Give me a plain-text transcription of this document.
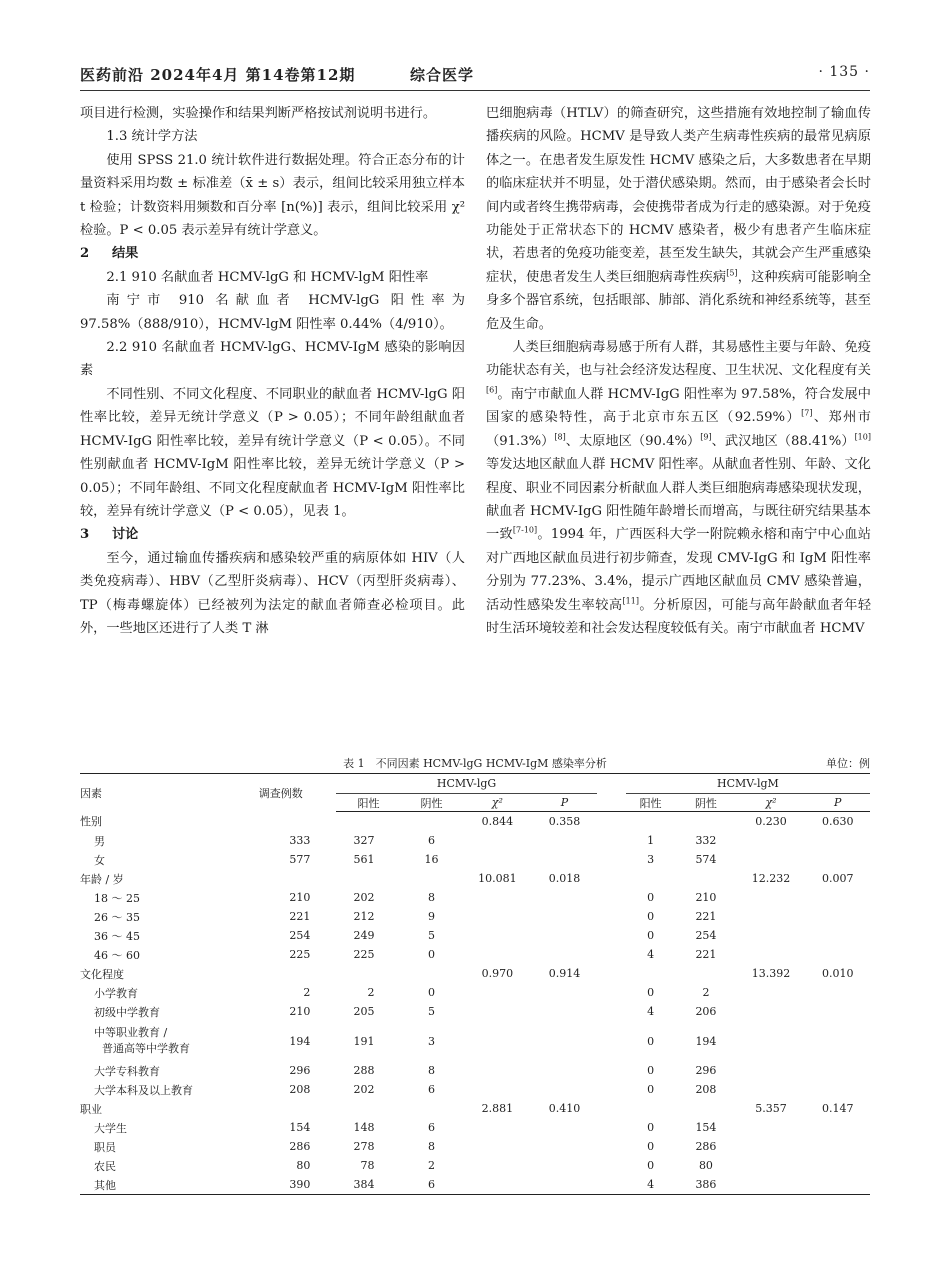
医药前沿 2024年4月 第14卷第12期	综合医学	· 135 ·

项目进行检测，实验操作和结果判断严格按试剂说明书进行。

1.3 统计学方法

使用 SPSS 21.0 统计软件进行数据处理。符合正态分布的计量资料采用均数 ± 标准差（x̄ ± s）表示，组间比较采用独立样本 t 检验；计数资料用频数和百分率 [n(%)] 表示，组间比较采用 χ² 检验。P < 0.05 表示差异有统计学意义。

2 结果

2.1 910 名献血者 HCMV-lgG 和 HCMV-lgM 阳性率

南宁市 910 名献血者 HCMV-lgG 阳性率为 97.58%（888/910），HCMV-lgM 阳性率 0.44%（4/910）。

2.2 910 名献血者 HCMV-lgG、HCMV-IgM 感染的影响因素

不同性别、不同文化程度、不同职业的献血者 HCMV-lgG 阳性率比较，差异无统计学意义（P > 0.05）；不同年龄组献血者 HCMV-IgG 阳性率比较，差异有统计学意义（P < 0.05）。不同性别献血者 HCMV-IgM 阳性率比较，差异无统计学意义（P > 0.05）；不同年龄组、不同文化程度献血者 HCMV-IgM 阳性率比较，差异有统计学意义（P < 0.05），见表 1。

3 讨论

至今，通过输血传播疾病和感染较严重的病原体如 HIV（人类免疫病毒）、HBV（乙型肝炎病毒）、HCV（丙型肝炎病毒）、TP（梅毒螺旋体）已经被列为法定的献血者筛查必检项目。此外，一些地区还进行了人类 T 淋

巴细胞病毒（HTLV）的筛查研究，这些措施有效地控制了输血传播疾病的风险。HCMV 是导致人类产生病毒性疾病的最常见病原体之一。在患者发生原发性 HCMV 感染之后，大多数患者在早期的临床症状并不明显，处于潜伏感染期。然而，由于感染者会长时间内或者终生携带病毒，会使携带者成为行走的感染源。对于免疫功能处于正常状态下的 HCMV 感染者，极少有患者产生临床症状，若患者的免疫功能变差，甚至发生缺失，其就会产生严重感染症状，使患者发生人类巨细胞病毒性疾病[5]，这种疾病可能影响全身多个器官系统，包括眼部、肺部、消化系统和神经系统等，甚至危及生命。

人类巨细胞病毒易感于所有人群，其易感性主要与年龄、免疫功能状态有关，也与社会经济发达程度、卫生状况、文化程度有关[6]。南宁市献血人群 HCMV-IgG 阳性率为 97.58%，符合发展中国家的感染特性，高于北京市东五区（92.59%）[7]、郑州市（91.3%）[8]、太原地区（90.4%）[9]、武汉地区（88.41%）[10]等发达地区献血人群 HCMV 阳性率。从献血者性别、年龄、文化程度、职业不同因素分析献血人群人类巨细胞病毒感染现状发现，献血者 HCMV-IgG 阳性随年龄增长而增高，与既往研究结果基本一致[7-10]。1994 年，广西医科大学一附院赖永榕和南宁中心血站对广西地区献血员进行初步筛查，发现 CMV-IgG 和 IgM 阳性率分别为 77.23%、3.4%，提示广西地区献血员 CMV 感染普遍，活动性感染发生率较高[11]。分析原因，可能与高年龄献血者年轻时生活环境较差和社会发达程度较低有关。南宁市献血者 HCMV

表 1　不同因素 HCMV-lgG HCMV-IgM 感染率分析	单位：例
因素	调查例数	HCMV-lgG					HCMV-lgM			
		阳性	阴性	χ²	P		阳性	阴性	χ²	P
性别				0.844	0.358				0.230	0.630
男	333	327	6				1	332		
女	577	561	16				3	574		
年龄 / 岁				10.081	0.018				12.232	0.007
18 ～ 25	210	202	8				0	210		
26 ～ 35	221	212	9				0	221		
36 ～ 45	254	249	5				0	254		
46 ～ 60	225	225	0				4	221		
文化程度				0.970	0.914				13.392	0.010
小学教育	2	2	0				0	2		
初级中学教育	210	205	5				4	206		

中等职业教育 /
普通高等中学教育	194	191	3				0	194		
大学专科教育	296	288	8				0	296		
大学本科及以上教育	208	202	6				0	208		
职业				2.881	0.410				5.357	0.147
大学生	154	148	6				0	154		
职员	286	278	8				0	286		
农民	80	78	2				0	80		
其他	390	384	6				4	386		
